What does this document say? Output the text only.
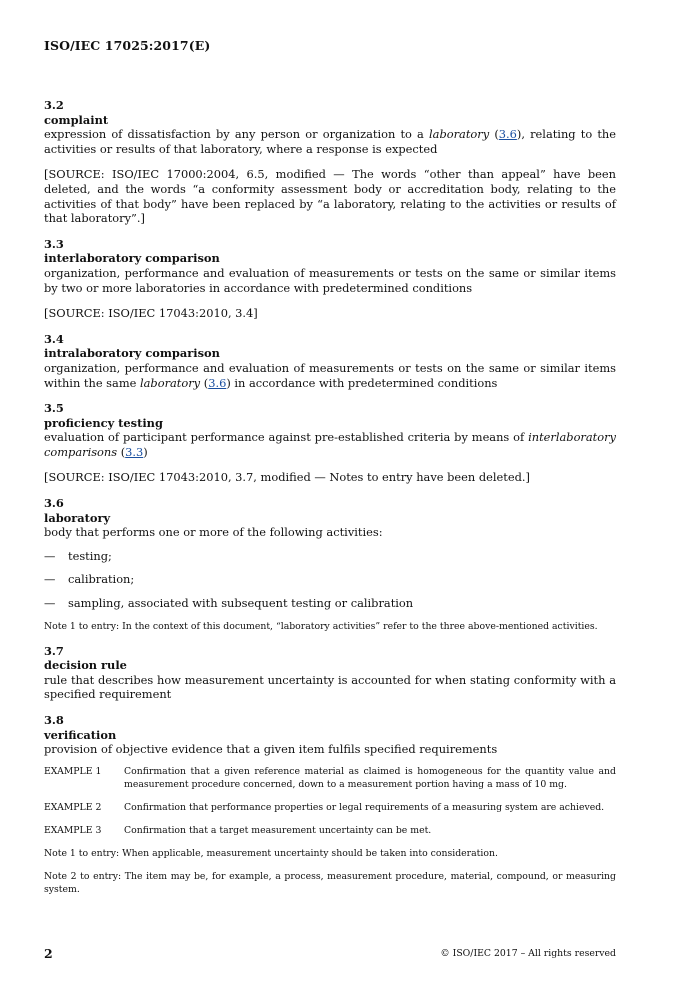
ISO/IEC 17025:2017(E)
3.2
complaint
expression of dissatisfaction by any person or organization to a laboratory (3.6), relating to the activities or results of that laboratory, where a response is expected
[SOURCE: ISO/IEC 17000:2004, 6.5, modified — The words “other than appeal” have been deleted, and the words “a conformity assessment body or accreditation body, relating to the activities of that body” have been replaced by “a laboratory, relating to the activities or results of that laboratory”.]
3.3
interlaboratory comparison
organization, performance and evaluation of measurements or tests on the same or similar items by two or more laboratories in accordance with predetermined conditions
[SOURCE: ISO/IEC 17043:2010, 3.4]
3.4
intralaboratory comparison
organization, performance and evaluation of measurements or tests on the same or similar items within the same laboratory (3.6) in accordance with predetermined conditions
3.5
proficiency testing
evaluation of participant performance against pre-established criteria by means of interlaboratory comparisons (3.3)
[SOURCE: ISO/IEC 17043:2010, 3.7, modified — Notes to entry have been deleted.]
3.6
laboratory
body that performs one or more of the following activities:
—	testing;
—	calibration;
—	sampling, associated with subsequent testing or calibration
Note 1 to entry: In the context of this document, “laboratory activities” refer to the three above-mentioned activities.
3.7
decision rule
rule that describes how measurement uncertainty is accounted for when stating conformity with a specified requirement
3.8
verification
provision of objective evidence that a given item fulfils specified requirements
EXAMPLE 1	Confirmation that a given reference material as claimed is homogeneous for the quantity value and measurement procedure concerned, down to a measurement portion having a mass of 10 mg.
EXAMPLE 2	Confirmation that performance properties or legal requirements of a measuring system are achieved.
EXAMPLE 3	Confirmation that a target measurement uncertainty can be met.
Note 1 to entry: When applicable, measurement uncertainty should be taken into consideration.
Note 2 to entry: The item may be, for example, a process, measurement procedure, material, compound, or measuring system.
2	© ISO/IEC 2017 – All rights reserved
